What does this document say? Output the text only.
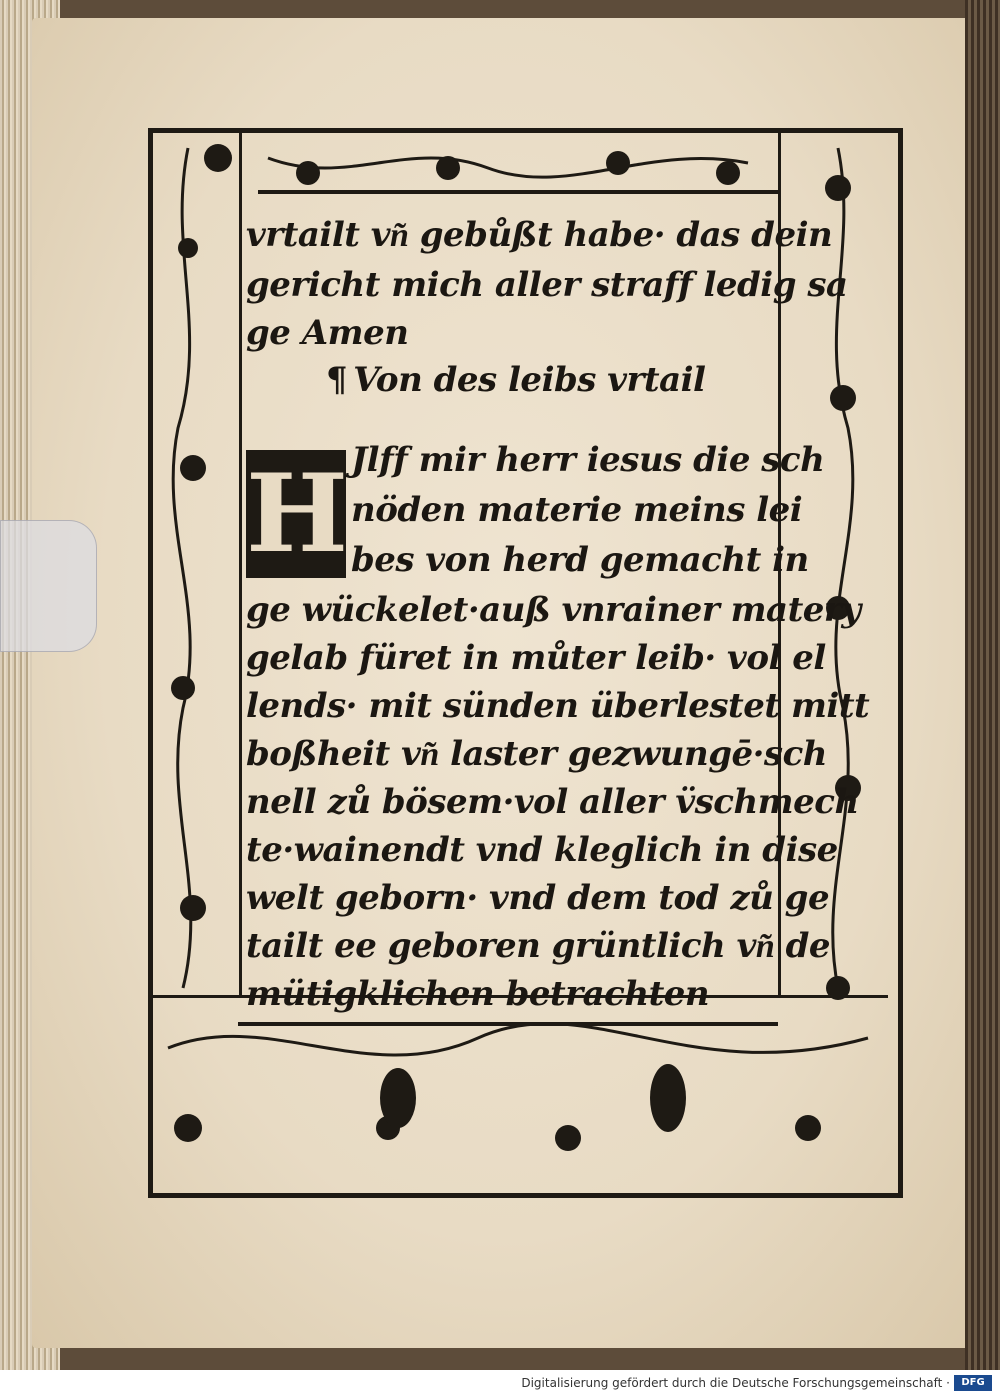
vrtailt vn͂ gebůßt habe· das dein
gericht mich aller straff ledig sa
ge Amen
¶ Von des leibs vrtail
H Jlff mir herr iesus die sch
nöden materie meins lei
bes von herd gemacht in
ge wückelet·auß vnrainer matery
gelab füret in můter leib· vol el
lends· mit sünden überlestet mitt
boßheit vn͂ laster gezwungē·sch
nell zů bösem·vol aller v̈schmech
te·wainendt vnd kleglich in dise
welt geborn· vnd dem tod zů ge
tailt ee geboren grüntlich vn͂ de
mütigklichen betrachten
Digitalisierung gefördert durch die Deutsche Forschungsgemeinschaft ·	DFG
